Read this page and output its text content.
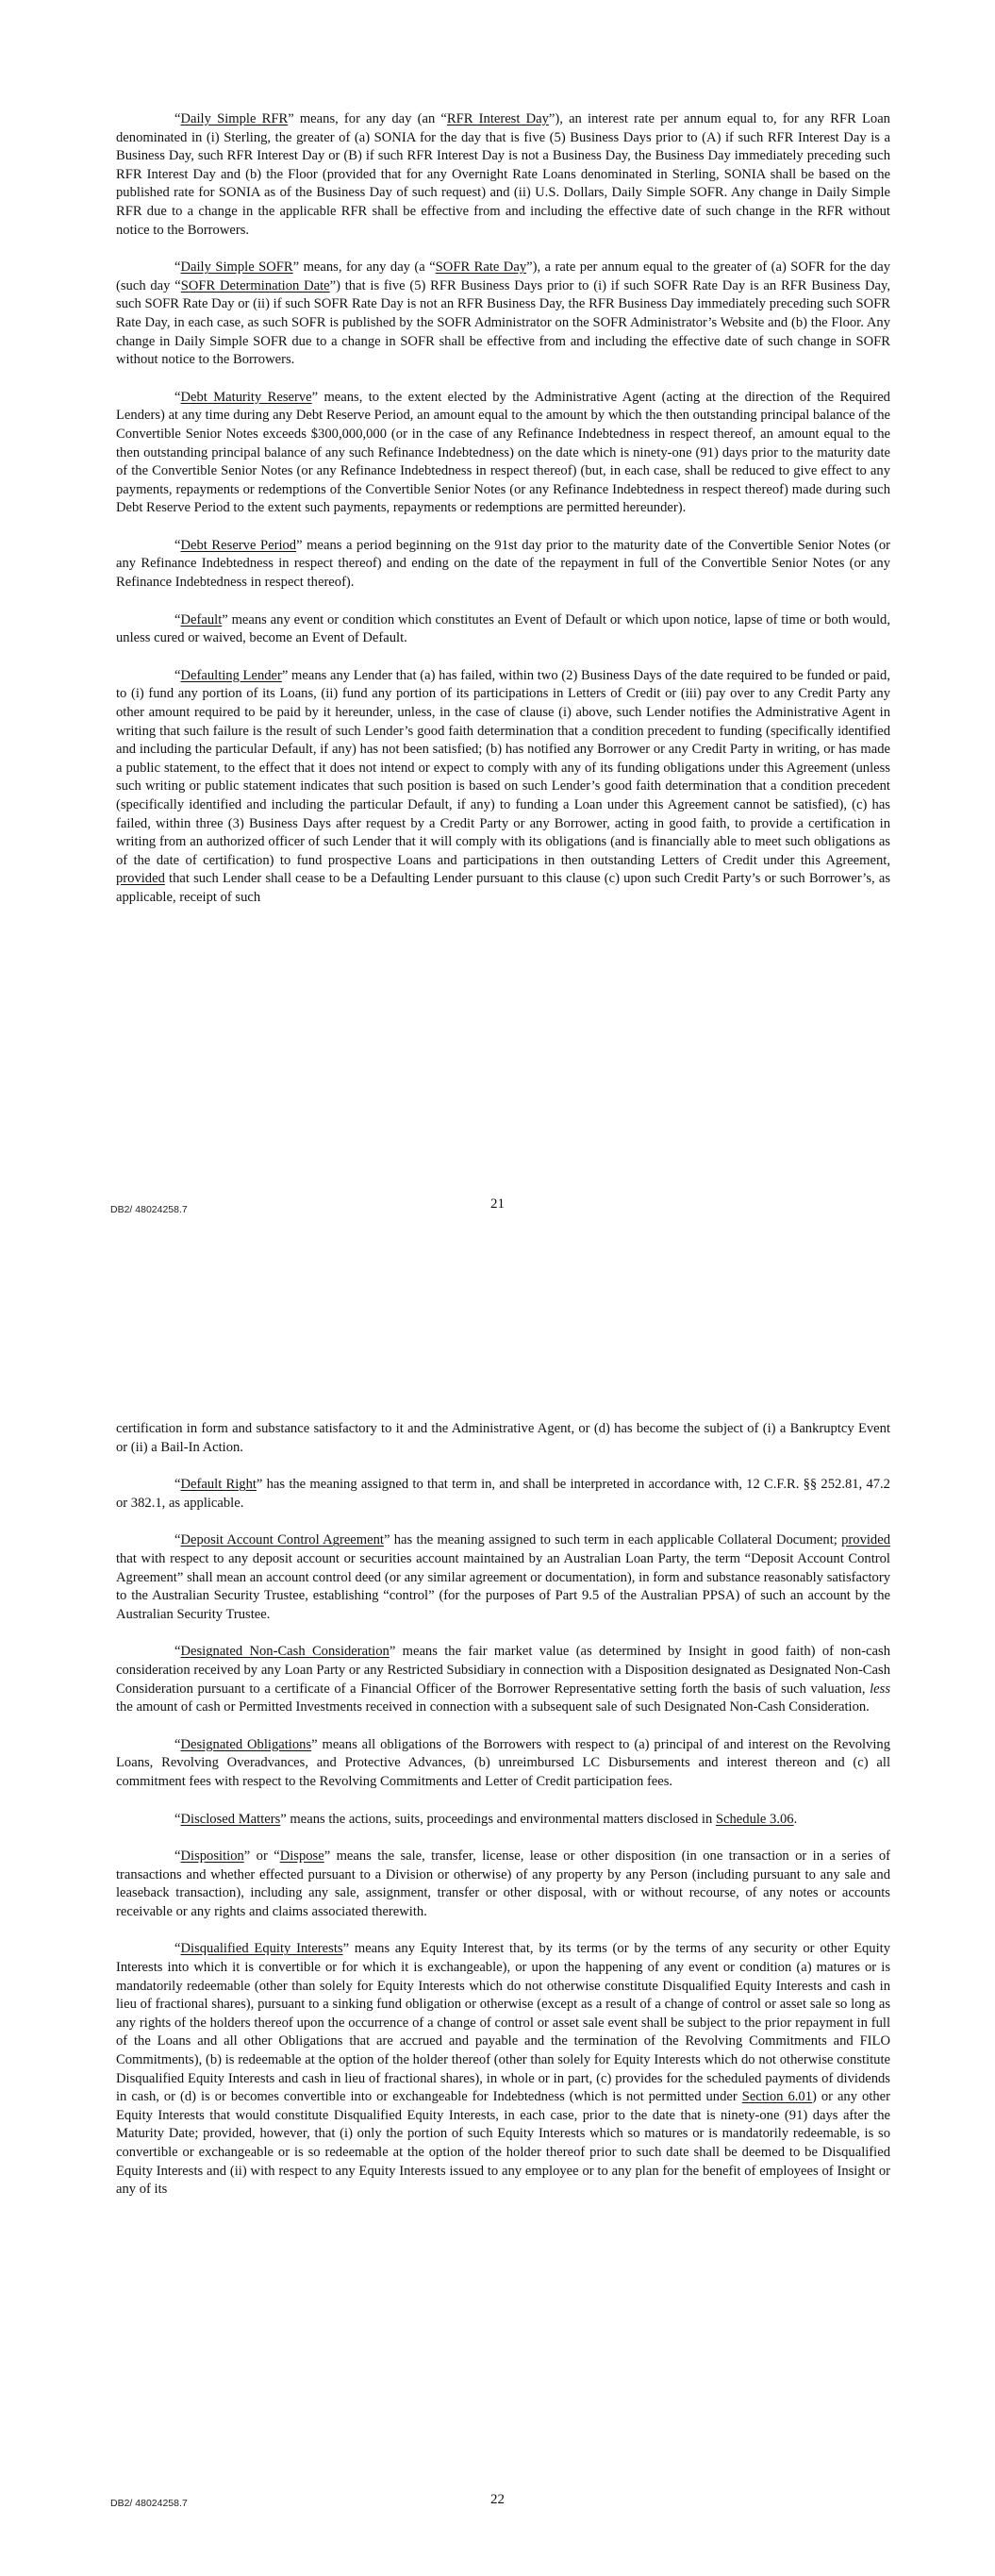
“Daily Simple RFR” means, for any day (an “RFR Interest Day”), an interest rate per annum equal to, for any RFR Loan denominated in (i) Sterling, the greater of (a) SONIA for the day that is five (5) Business Days prior to (A) if such RFR Interest Day is a Business Day, such RFR Interest Day or (B) if such RFR Interest Day is not a Business Day, the Business Day immediately preceding such RFR Interest Day and (b) the Floor (provided that for any Overnight Rate Loans denominated in Sterling, SONIA shall be based on the published rate for SONIA as of the Business Day of such request) and (ii) U.S. Dollars, Daily Simple SOFR. Any change in Daily Simple RFR due to a change in the applicable RFR shall be effective from and including the effective date of such change in the RFR without notice to the Borrowers.

“Daily Simple SOFR” means, for any day (a “SOFR Rate Day”), a rate per annum equal to the greater of (a) SOFR for the day (such day “SOFR Determination Date”) that is five (5) RFR Business Days prior to (i) if such SOFR Rate Day is an RFR Business Day, such SOFR Rate Day or (ii) if such SOFR Rate Day is not an RFR Business Day, the RFR Business Day immediately preceding such SOFR Rate Day, in each case, as such SOFR is published by the SOFR Administrator on the SOFR Administrator’s Website and (b) the Floor. Any change in Daily Simple SOFR due to a change in SOFR shall be effective from and including the effective date of such change in SOFR without notice to the Borrowers.

“Debt Maturity Reserve” means, to the extent elected by the Administrative Agent (acting at the direction of the Required Lenders) at any time during any Debt Reserve Period, an amount equal to the amount by which the then outstanding principal balance of the Convertible Senior Notes exceeds $300,000,000 (or in the case of any Refinance Indebtedness in respect thereof, an amount equal to the then outstanding principal balance of any such Refinance Indebtedness) on the date which is ninety-one (91) days prior to the maturity date of the Convertible Senior Notes (or any Refinance Indebtedness in respect thereof) (but, in each case, shall be reduced to give effect to any payments, repayments or redemptions of the Convertible Senior Notes (or any Refinance Indebtedness in respect thereof) made during such Debt Reserve Period to the extent such payments, repayments or redemptions are permitted hereunder).

“Debt Reserve Period” means a period beginning on the 91st day prior to the maturity date of the Convertible Senior Notes (or any Refinance Indebtedness in respect thereof) and ending on the date of the repayment in full of the Convertible Senior Notes (or any Refinance Indebtedness in respect thereof).

“Default” means any event or condition which constitutes an Event of Default or which upon notice, lapse of time or both would, unless cured or waived, become an Event of Default.

“Defaulting Lender” means any Lender that (a) has failed, within two (2) Business Days of the date required to be funded or paid, to (i) fund any portion of its Loans, (ii) fund any portion of its participations in Letters of Credit or (iii) pay over to any Credit Party any other amount required to be paid by it hereunder, unless, in the case of clause (i) above, such Lender notifies the Administrative Agent in writing that such failure is the result of such Lender’s good faith determination that a condition precedent to funding (specifically identified and including the particular Default, if any) has not been satisfied; (b) has notified any Borrower or any Credit Party in writing, or has made a public statement, to the effect that it does not intend or expect to comply with any of its funding obligations under this Agreement (unless such writing or public statement indicates that such position is based on such Lender’s good faith determination that a condition precedent (specifically identified and including the particular Default, if any) to funding a Loan under this Agreement cannot be satisfied), (c) has failed, within three (3) Business Days after request by a Credit Party or any Borrower, acting in good faith, to provide a certification in writing from an authorized officer of such Lender that it will comply with its obligations (and is financially able to meet such obligations as of the date of certification) to fund prospective Loans and participations in then outstanding Letters of Credit under this Agreement, provided that such Lender shall cease to be a Defaulting Lender pursuant to this clause (c) upon such Credit Party’s or such Borrower’s, as applicable, receipt of such

21
DB2/ 48024258.7

certification in form and substance satisfactory to it and the Administrative Agent, or (d) has become the subject of (i) a Bankruptcy Event or (ii) a Bail-In Action.

“Default Right” has the meaning assigned to that term in, and shall be interpreted in accordance with, 12 C.F.R. §§ 252.81, 47.2 or 382.1, as applicable.

“Deposit Account Control Agreement” has the meaning assigned to such term in each applicable Collateral Document; provided that with respect to any deposit account or securities account maintained by an Australian Loan Party, the term “Deposit Account Control Agreement” shall mean an account control deed (or any similar agreement or documentation), in form and substance reasonably satisfactory to the Australian Security Trustee, establishing “control” (for the purposes of Part 9.5 of the Australian PPSA) of such an account by the Australian Security Trustee.

“Designated Non-Cash Consideration” means the fair market value (as determined by Insight in good faith) of non-cash consideration received by any Loan Party or any Restricted Subsidiary in connection with a Disposition designated as Designated Non-Cash Consideration pursuant to a certificate of a Financial Officer of the Borrower Representative setting forth the basis of such valuation, less the amount of cash or Permitted Investments received in connection with a subsequent sale of such Designated Non-Cash Consideration.

“Designated Obligations” means all obligations of the Borrowers with respect to (a) principal of and interest on the Revolving Loans, Revolving Overadvances, and Protective Advances, (b) unreimbursed LC Disbursements and interest thereon and (c) all commitment fees with respect to the Revolving Commitments and Letter of Credit participation fees.

“Disclosed Matters” means the actions, suits, proceedings and environmental matters disclosed in Schedule 3.06.

“Disposition” or “Dispose” means the sale, transfer, license, lease or other disposition (in one transaction or in a series of transactions and whether effected pursuant to a Division or otherwise) of any property by any Person (including pursuant to any sale and leaseback transaction), including any sale, assignment, transfer or other disposal, with or without recourse, of any notes or accounts receivable or any rights and claims associated therewith.

“Disqualified Equity Interests” means any Equity Interest that, by its terms (or by the terms of any security or other Equity Interests into which it is convertible or for which it is exchangeable), or upon the happening of any event or condition (a) matures or is mandatorily redeemable (other than solely for Equity Interests which do not otherwise constitute Disqualified Equity Interests and cash in lieu of fractional shares), pursuant to a sinking fund obligation or otherwise (except as a result of a change of control or asset sale so long as any rights of the holders thereof upon the occurrence of a change of control or asset sale event shall be subject to the prior repayment in full of the Loans and all other Obligations that are accrued and payable and the termination of the Revolving Commitments and FILO Commitments), (b) is redeemable at the option of the holder thereof (other than solely for Equity Interests which do not otherwise constitute Disqualified Equity Interests and cash in lieu of fractional shares), in whole or in part, (c) provides for the scheduled payments of dividends in cash, or (d) is or becomes convertible into or exchangeable for Indebtedness (which is not permitted under Section 6.01) or any other Equity Interests that would constitute Disqualified Equity Interests, in each case, prior to the date that is ninety-one (91) days after the Maturity Date; provided, however, that (i) only the portion of such Equity Interests which so matures or is mandatorily redeemable, is so convertible or exchangeable or is so redeemable at the option of the holder thereof prior to such date shall be deemed to be Disqualified Equity Interests and (ii) with respect to any Equity Interests issued to any employee or to any plan for the benefit of employees of Insight or any of its

22
DB2/ 48024258.7
